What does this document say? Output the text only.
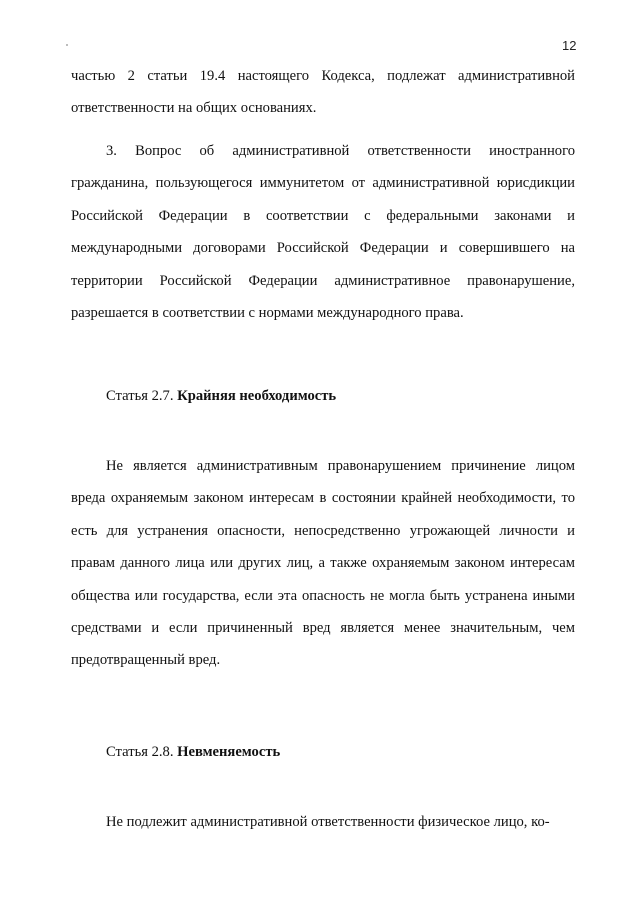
12

частью 2 статьи 19.4 настоящего Кодекса, подлежат административной ответственности на общих основаниях.

3. Вопрос об административной ответственности иностранного гражданина, пользующегося иммунитетом от административной юрисдикции Российской Федерации в соответствии с федеральными законами и международными договорами Российской Федерации и совершившего на территории Российской Федерации административное правонарушение, разрешается в соответствии с нормами международного права.

Статья 2.7. Крайняя необходимость

Не является административным правонарушением причинение лицом вреда охраняемым законом интересам в состоянии крайней необходимости, то есть для устранения опасности, непосредственно угрожающей личности и правам данного лица или других лиц, а также охраняемым законом интересам общества или государства, если эта опасность не могла быть устранена иными средствами и если причиненный вред является менее значительным, чем предотвращенный вред.

Статья 2.8. Невменяемость

Не подлежит административной ответственности физическое лицо, ко-
